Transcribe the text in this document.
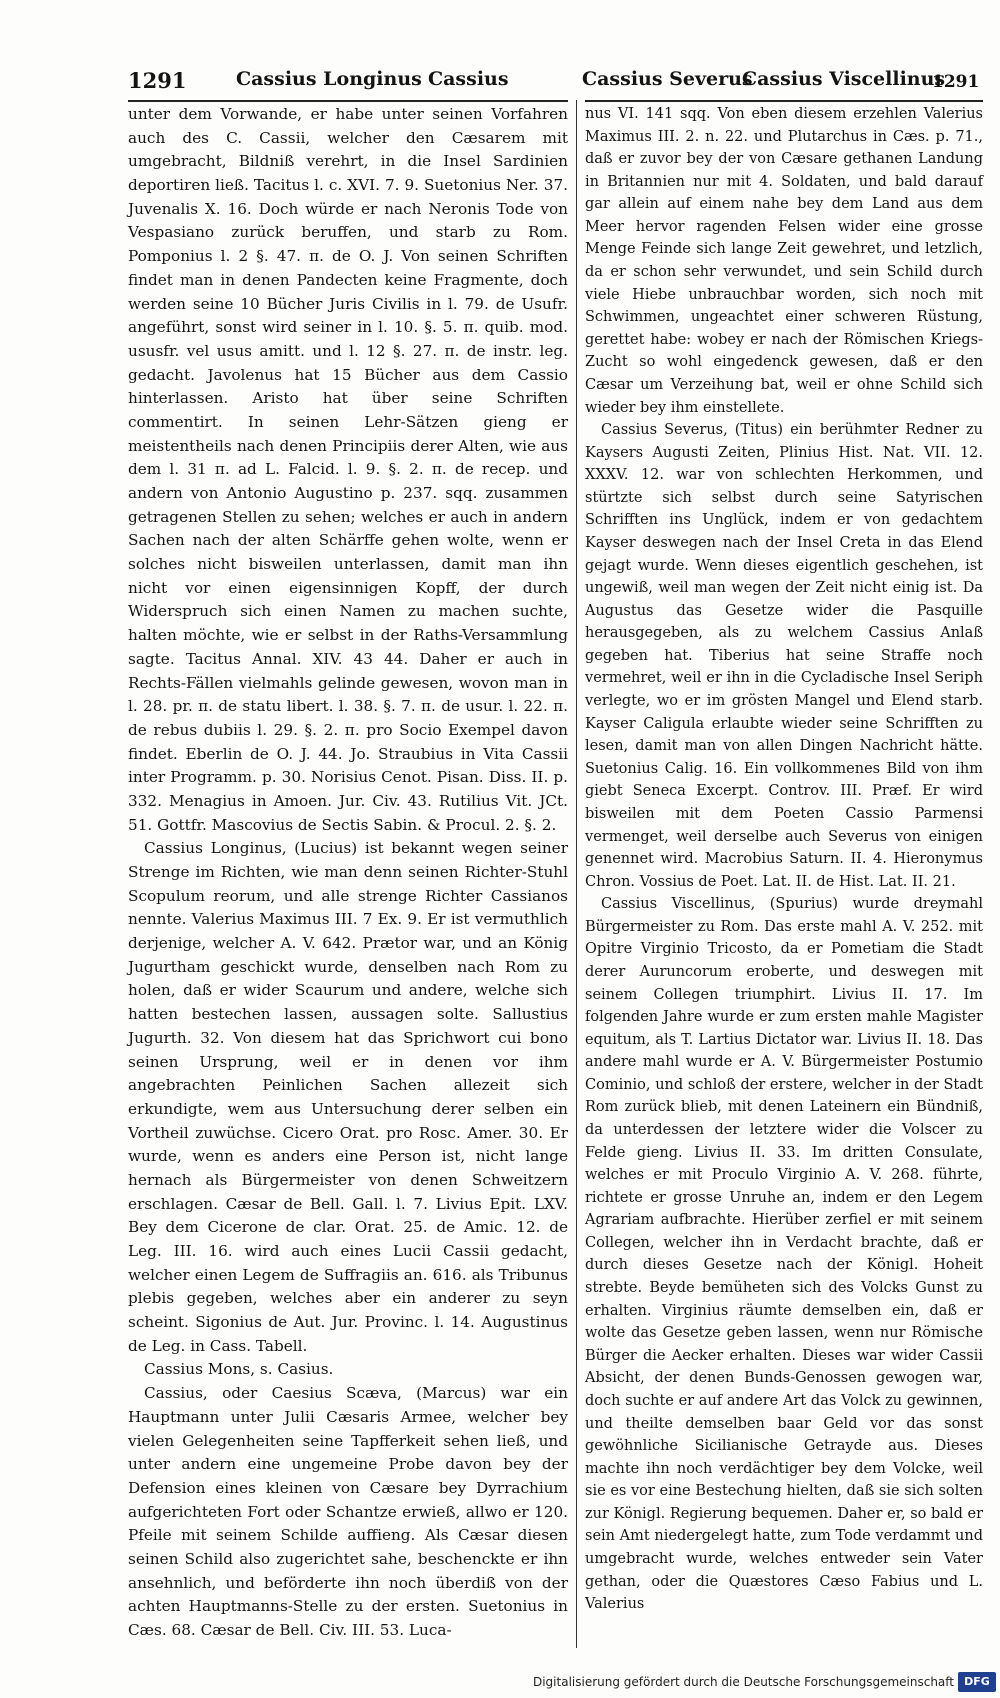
1291	Cassius Longinus Cassius	Cassius Severus
Cassius Viscellinus
1291

unter dem Vorwande, er habe unter seinen Vorfahren auch des C. Cassii, welcher den Cæsarem mit umgebracht, Bildniß verehrt, in die Insel Sardinien deportiren ließ. Tacitus l. c. XVI. 7. 9. Suetonius Ner. 37. Juvenalis X. 16. Doch würde er nach Neronis Tode von Vespasiano zurück beruffen, und starb zu Rom. Pomponius l. 2 §. 47. π. de O. J. Von seinen Schriften findet man in denen Pandecten keine Fragmente, doch werden seine 10 Bücher Juris Civilis in l. 79. de Usufr. angeführt, sonst wird seiner in l. 10. §. 5. π. quib. mod. ususfr. vel usus amitt. und l. 12 §. 27. π. de instr. leg. gedacht. Javolenus hat 15 Bücher aus dem Cassio hinterlassen. Aristo hat über seine Schriften commentirt. In seinen Lehr-Sätzen gieng er meistentheils nach denen Principiis derer Alten, wie aus dem l. 31 π. ad L. Falcid. l. 9. §. 2. π. de recep. und andern von Antonio Augustino p. 237. sqq. zusammen getragenen Stellen zu sehen; welches er auch in andern Sachen nach der alten Schärffe gehen wolte, wenn er solches nicht bisweilen unterlassen, damit man ihn nicht vor einen eigensinnigen Kopff, der durch Widerspruch sich einen Namen zu machen suchte, halten möchte, wie er selbst in der Raths-Versammlung sagte. Tacitus Annal. XIV. 43 44. Daher er auch in Rechts-Fällen vielmahls gelinde gewesen, wovon man in l. 28. pr. π. de statu libert. l. 38. §. 7. π. de usur. l. 22. π. de rebus dubiis l. 29. §. 2. π. pro Socio Exempel davon findet. Eberlin de O. J. 44. Jo. Straubius in Vita Cassii inter Programm. p. 30. Norisius Cenot. Pisan. Diss. II. p. 332. Menagius in Amoen. Jur. Civ. 43. Rutilius Vit. JCt. 51. Gottfr. Mascovius de Sectis Sabin. & Procul. 2. §. 2.

Cassius Longinus, (Lucius) ist bekannt wegen seiner Strenge im Richten, wie man denn seinen Richter-Stuhl Scopulum reorum, und alle strenge Richter Cassianos nennte. Valerius Maximus III. 7 Ex. 9. Er ist vermuthlich derjenige, welcher A. V. 642. Prætor war, und an König Jugurtham geschickt wurde, denselben nach Rom zu holen, daß er wider Scaurum und andere, welche sich hatten bestechen lassen, aussagen solte. Sallustius Jugurth. 32. Von diesem hat das Sprichwort cui bono seinen Ursprung, weil er in denen vor ihm angebrachten Peinlichen Sachen allezeit sich erkundigte, wem aus Untersuchung derer selben ein Vortheil zuwüchse. Cicero Orat. pro Rosc. Amer. 30. Er wurde, wenn es anders eine Person ist, nicht lange hernach als Bürgermeister von denen Schweitzern erschlagen. Cæsar de Bell. Gall. l. 7. Livius Epit. LXV. Bey dem Cicerone de clar. Orat. 25. de Amic. 12. de Leg. III. 16. wird auch eines Lucii Cassii gedacht, welcher einen Legem de Suffragiis an. 616. als Tribunus plebis gegeben, welches aber ein anderer zu seyn scheint. Sigonius de Aut. Jur. Provinc. l. 14. Augustinus de Leg. in Cass. Tabell.

Cassius Mons, s. Casius.

Cassius, oder Caesius Scæva, (Marcus) war ein Hauptmann unter Julii Cæsaris Armee, welcher bey vielen Gelegenheiten seine Tapfferkeit sehen ließ, und unter andern eine ungemeine Probe davon bey der Defension eines kleinen von Cæsare bey Dyrrachium aufgerichteten Fort oder Schantze erwieß, allwo er 120. Pfeile mit seinem Schilde auffieng. Als Cæsar diesen seinen Schild also zugerichtet sahe, beschenckte er ihn ansehnlich, und beförderte ihn noch überdiß von der achten Hauptmanns-Stelle zu der ersten. Suetonius in Cæs. 68. Cæsar de Bell. Civ. III. 53. Luca-

nus VI. 141 sqq. Von eben diesem erzehlen Valerius Maximus III. 2. n. 22. und Plutarchus in Cæs. p. 71., daß er zuvor bey der von Cæsare gethanen Landung in Britannien nur mit 4. Soldaten, und bald darauf gar allein auf einem nahe bey dem Land aus dem Meer hervor ragenden Felsen wider eine grosse Menge Feinde sich lange Zeit gewehret, und letzlich, da er schon sehr verwundet, und sein Schild durch viele Hiebe unbrauchbar worden, sich noch mit Schwimmen, ungeachtet einer schweren Rüstung, gerettet habe: wobey er nach der Römischen Kriegs-Zucht so wohl eingedenck gewesen, daß er den Cæsar um Verzeihung bat, weil er ohne Schild sich wieder bey ihm einstellete.

Cassius Severus, (Titus) ein berühmter Redner zu Kaysers Augusti Zeiten, Plinius Hist. Nat. VII. 12. XXXV. 12. war von schlechten Herkommen, und stürtzte sich selbst durch seine Satyrischen Schrifften ins Unglück, indem er von gedachtem Kayser deswegen nach der Insel Creta in das Elend gejagt wurde. Wenn dieses eigentlich geschehen, ist ungewiß, weil man wegen der Zeit nicht einig ist. Da Augustus das Gesetze wider die Pasquille herausgegeben, als zu welchem Cassius Anlaß gegeben hat. Tiberius hat seine Straffe noch vermehret, weil er ihn in die Cycladische Insel Seriph verlegte, wo er im grösten Mangel und Elend starb. Kayser Caligula erlaubte wieder seine Schrifften zu lesen, damit man von allen Dingen Nachricht hätte. Suetonius Calig. 16. Ein vollkommenes Bild von ihm giebt Seneca Excerpt. Controv. III. Præf. Er wird bisweilen mit dem Poeten Cassio Parmensi vermenget, weil derselbe auch Severus von einigen genennet wird. Macrobius Saturn. II. 4. Hieronymus Chron. Vossius de Poet. Lat. II. de Hist. Lat. II. 21.

Cassius Viscellinus, (Spurius) wurde dreymahl Bürgermeister zu Rom. Das erste mahl A. V. 252. mit Opitre Virginio Tricosto, da er Pometiam die Stadt derer Auruncorum eroberte, und deswegen mit seinem Collegen triumphirt. Livius II. 17. Im folgenden Jahre wurde er zum ersten mahle Magister equitum, als T. Lartius Dictator war. Livius II. 18. Das andere mahl wurde er A. V. Bürgermeister Postumio Cominio, und schloß der erstere, welcher in der Stadt Rom zurück blieb, mit denen Lateinern ein Bündniß, da unterdessen der letztere wider die Volscer zu Felde gieng. Livius II. 33. Im dritten Consulate, welches er mit Proculo Virginio A. V. 268. führte, richtete er grosse Unruhe an, indem er den Legem Agrariam aufbrachte. Hierüber zerfiel er mit seinem Collegen, welcher ihn in Verdacht brachte, daß er durch dieses Gesetze nach der Königl. Hoheit strebte. Beyde bemüheten sich des Volcks Gunst zu erhalten. Virginius räumte demselben ein, daß er wolte das Gesetze geben lassen, wenn nur Römische Bürger die Aecker erhalten. Dieses war wider Cassii Absicht, der denen Bunds-Genossen gewogen war, doch suchte er auf andere Art das Volck zu gewinnen, und theilte demselben baar Geld vor das sonst gewöhnliche Sicilianische Getrayde aus. Dieses machte ihn noch verdächtiger bey dem Volcke, weil sie es vor eine Bestechung hielten, daß sie sich solten zur Königl. Regierung bequemen. Daher er, so bald er sein Amt niedergelegt hatte, zum Tode verdammt und umgebracht wurde, welches entweder sein Vater gethan, oder die Quæstores Cæso Fabius und L. Valerius

Digitalisierung gefördert durch die Deutsche Forschungsgemeinschaft DFG
